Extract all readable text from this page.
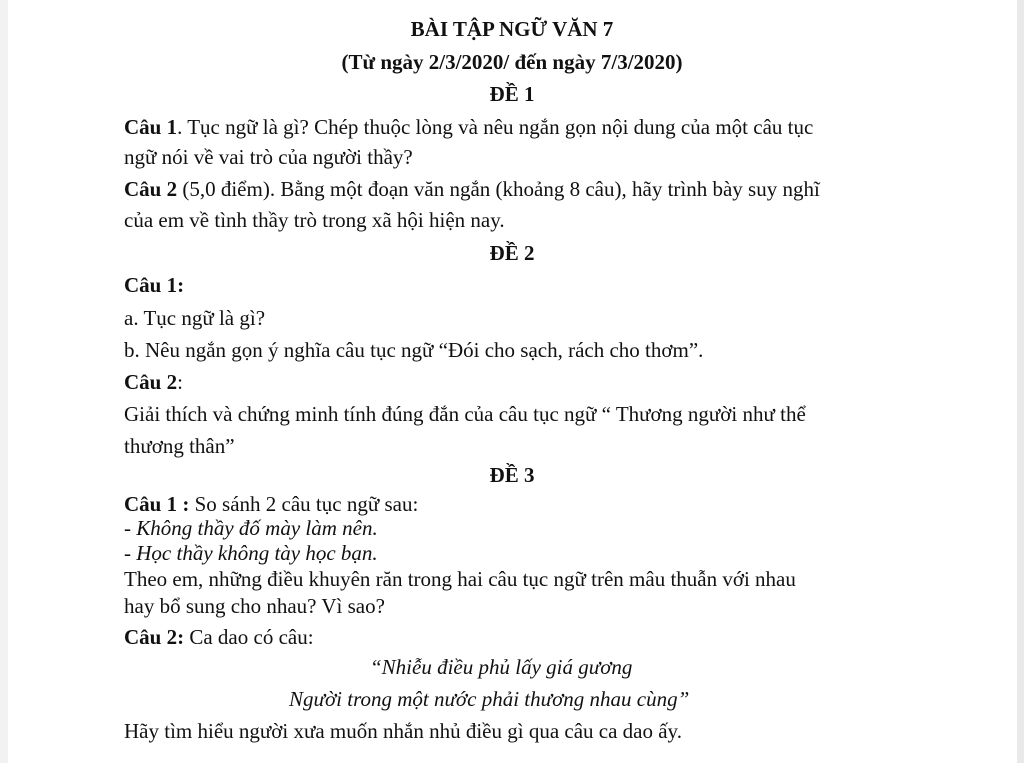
BÀI TẬP NGỮ VĂN 7
(Từ ngày 2/3/2020/ đến ngày 7/3/2020)
ĐỀ 1
Câu 1. Tục ngữ là gì? Chép thuộc lòng và nêu ngắn gọn nội dung của một câu tục
ngữ nói về vai trò của người thầy?
Câu 2 (5,0 điểm). Bằng một đoạn văn ngắn (khoảng 8 câu), hãy trình bày suy nghĩ
của em về tình thầy trò trong xã hội hiện nay.
ĐỀ 2
Câu 1:
a. Tục ngữ là gì?
b. Nêu ngắn gọn ý nghĩa câu tục ngữ “Đói cho sạch, rách cho thơm”.
Câu 2:
Giải thích và chứng minh tính đúng đắn của câu tục ngữ “ Thương người như thể
thương thân”
ĐỀ 3
Câu 1 : So sánh 2 câu tục ngữ sau:
- Không thầy đố mày làm nên.
- Học thầy không tày học bạn.
Theo em, những điều khuyên răn trong hai câu tục ngữ trên mâu thuẫn với nhau
hay bổ sung cho nhau? Vì sao?
Câu 2: Ca dao có câu:
“Nhiễu điều phủ lấy giá gương
Người trong một nước phải thương nhau cùng”
Hãy tìm hiểu người xưa muốn nhắn nhủ điều gì qua câu ca dao ấy.
